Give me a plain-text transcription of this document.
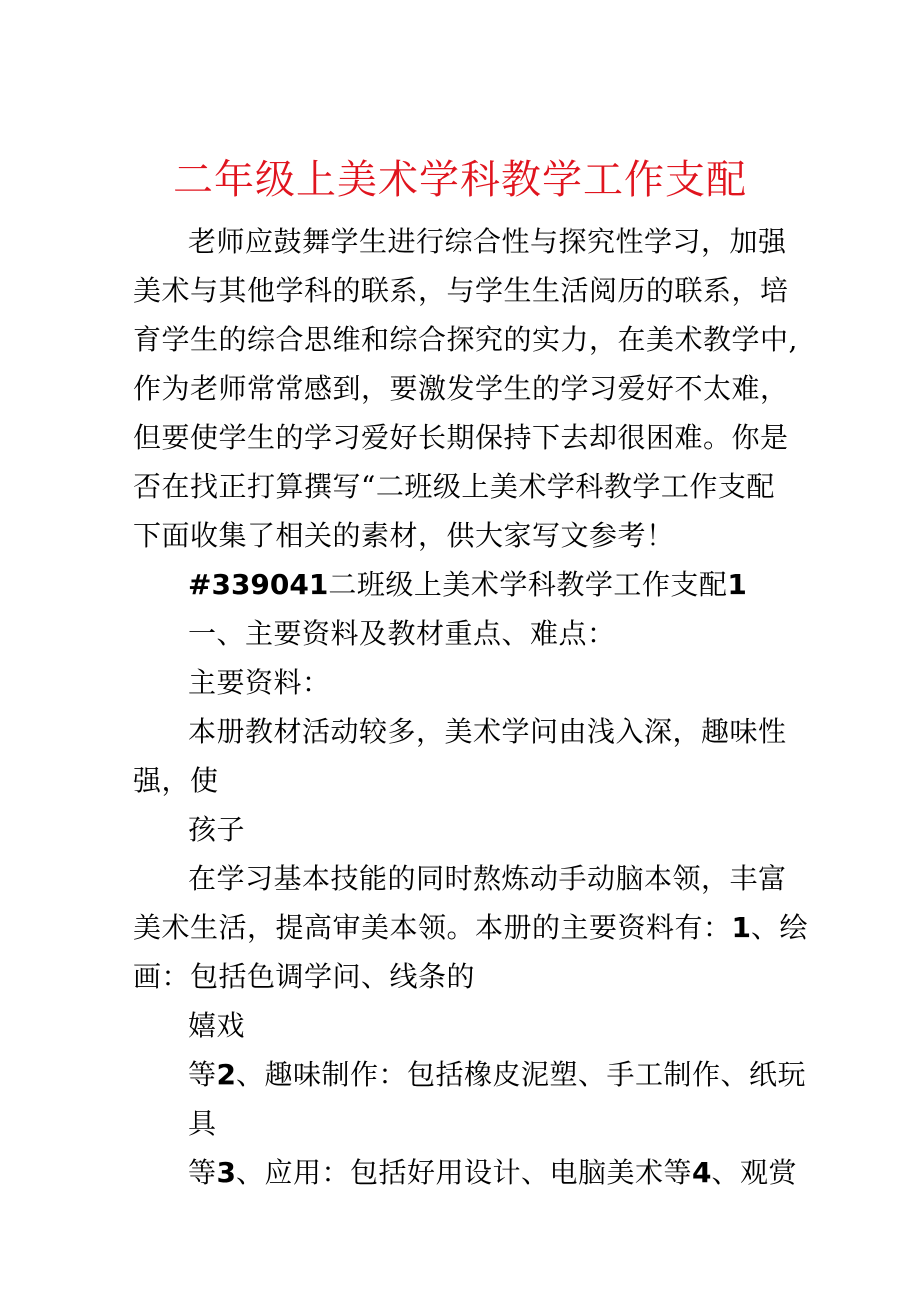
二年级上美术学科教学工作支配
老师应鼓舞学生进行综合性与探究性学习，加强
美术与其他学科的联系，与学生生活阅历的联系，培
育学生的综合思维和综合探究的实力，在美术教学中,
作为老师常常感到，要激发学生的学习爱好不太难，
但要使学生的学习爱好长期保持下去却很困难。你是
否在找正打算撰写“二班级上美术学科教学工作支配
下面收集了相关的素材，供大家写文参考！
#339041二班级上美术学科教学工作支配1
一、主要资料及教材重点、难点：
主要资料：
本册教材活动较多，美术学问由浅入深，趣味性
强，使
孩子
在学习基本技能的同时熬炼动手动脑本领，丰富
美术生活，提高审美本领。本册的主要资料有：1、绘
画：包括色调学问、线条的
嬉戏
等2、趣味制作：包括橡皮泥塑、手工制作、纸玩
具
等3、应用：包括好用设计、电脑美术等4、观赏
